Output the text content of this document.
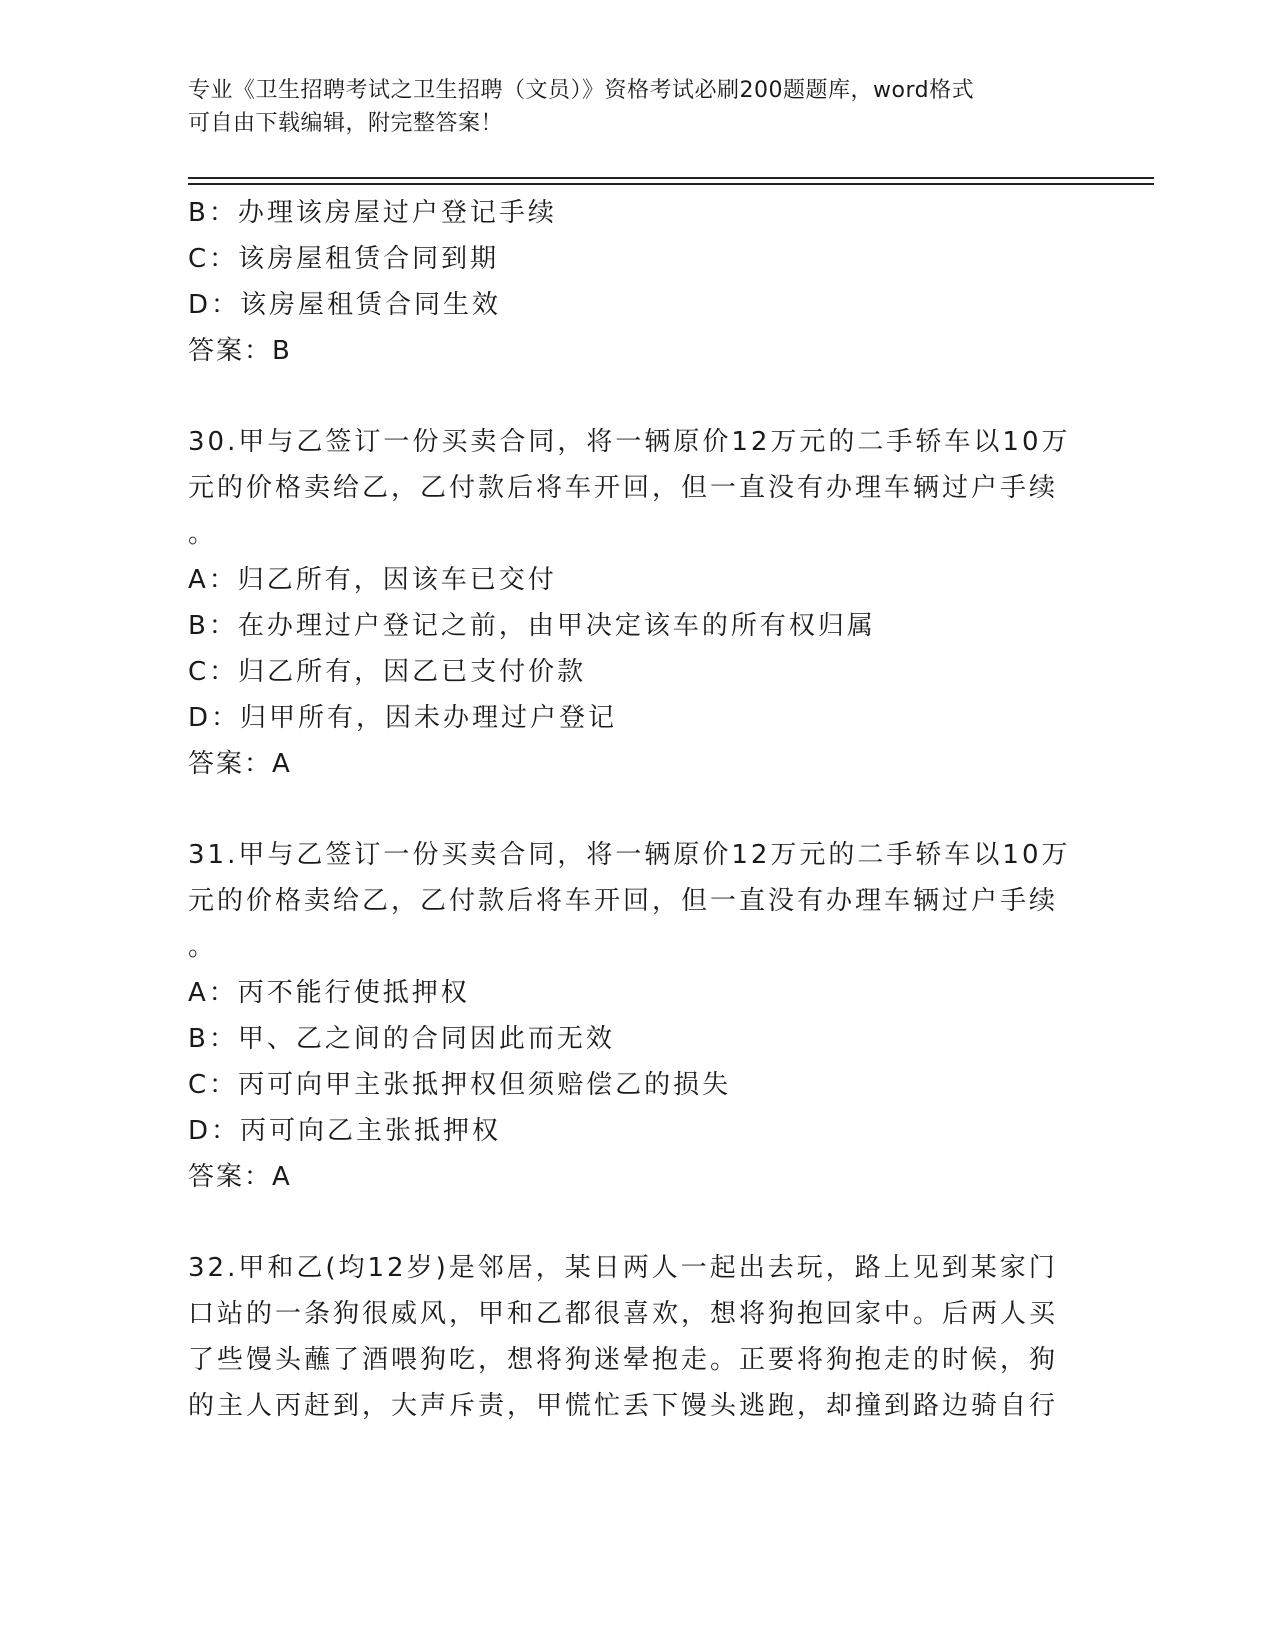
专业《卫生招聘考试之卫生招聘（文员）》资格考试必刷200题题库，word格式
可自由下载编辑，附完整答案！
B：办理该房屋过户登记手续
C：该房屋租赁合同到期
D：该房屋租赁合同生效
答案：B
30.甲与乙签订一份买卖合同，将一辆原价12万元的二手轿车以10万
元的价格卖给乙，乙付款后将车开回，但一直没有办理车辆过户手续
。
A：归乙所有，因该车已交付
B：在办理过户登记之前，由甲决定该车的所有权归属
C：归乙所有，因乙已支付价款
D：归甲所有，因未办理过户登记
答案：A
31.甲与乙签订一份买卖合同，将一辆原价12万元的二手轿车以10万
元的价格卖给乙，乙付款后将车开回，但一直没有办理车辆过户手续
。
A：丙不能行使抵押权
B：甲、乙之间的合同因此而无效
C：丙可向甲主张抵押权但须赔偿乙的损失
D：丙可向乙主张抵押权
答案：A
32.甲和乙(均12岁)是邻居，某日两人一起出去玩，路上见到某家门
口站的一条狗很威风，甲和乙都很喜欢，想将狗抱回家中。后两人买
了些馒头蘸了酒喂狗吃，想将狗迷晕抱走。正要将狗抱走的时候，狗
的主人丙赶到，大声斥责，甲慌忙丢下馒头逃跑，却撞到路边骑自行
